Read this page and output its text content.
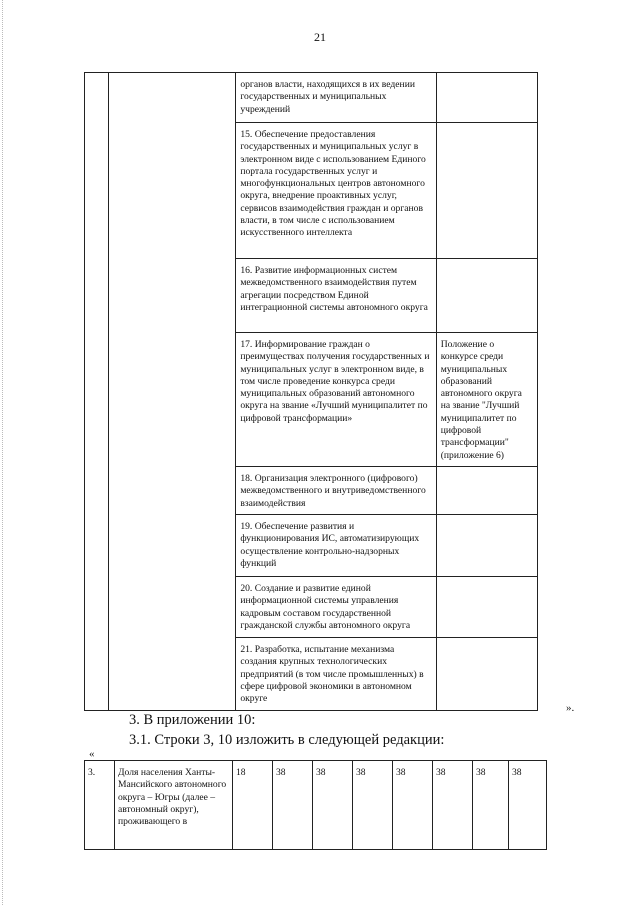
21
		органов власти, находящихся в их ведении государственных и муниципальных учреждений	
		15. Обеспечение предоставления государственных и муниципальных услуг в электронном виде с использованием Единого портала государственных услуг и многофункциональных центров автономного округа, внедрение проактивных услуг, сервисов взаимодействия граждан и органов власти, в том числе с использованием искусственного интеллекта	
		16. Развитие информационных систем межведомственного взаимодействия путем агрегации посредством Единой интеграционной системы автономного округа	
		17. Информирование граждан о преимуществах получения государственных и муниципальных услуг в электронном виде, в том числе проведение конкурса среди муниципальных образований автономного округа на звание «Лучший муниципалитет по цифровой трансформации»	Положение о конкурсе среди муниципальных образований автономного округа на звание "Лучший муниципалитет по цифровой трансформации" (приложение 6)
		18. Организация электронного (цифрового) межведомственного и внутриведомственного взаимодействия	
		19. Обеспечение развития и функционирования ИС, автоматизирующих осуществление контрольно-надзорных функций	
		20. Создание и развитие единой информационной системы управления кадровым составом государственной гражданской службы автономного округа	
		21. Разработка, испытание механизма создания крупных технологических предприятий (в том числе промышленных) в сфере цифровой экономики в автономном округе	
».
3. В приложении 10:
3.1. Строки 3, 10 изложить в следующей редакции:
«
3.	Доля населения Ханты-Мансийского автономного округа – Югры (далее – автономный округ), проживающего в	18	38	38	38	38	38	38	38
